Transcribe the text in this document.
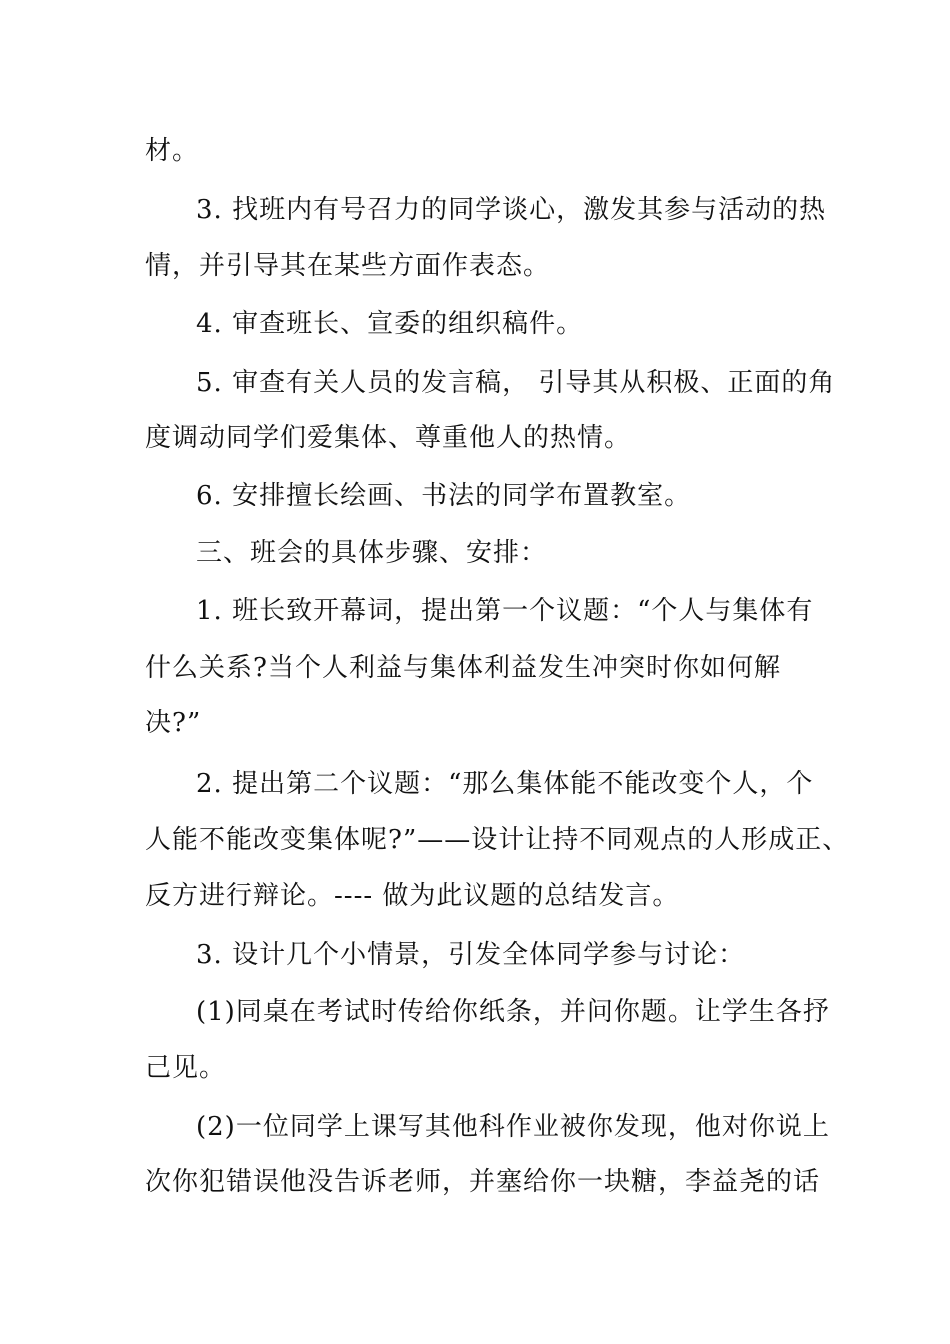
材。
3. 找班内有号召力的同学谈心，激发其参与活动的热
情，并引导其在某些方面作表态。
4. 审查班长、宣委的组织稿件。
5. 审查有关人员的发言稿， 引导其从积极、正面的角
度调动同学们爱集体、尊重他人的热情。
6. 安排擅长绘画、书法的同学布置教室。
三、班会的具体步骤、安排：
1. 班长致开幕词，提出第一个议题：“个人与集体有
什么关系?当个人利益与集体利益发生冲突时你如何解
决?”
2. 提出第二个议题：“那么集体能不能改变个人，个
人能不能改变集体呢?”——设计让持不同观点的人形成正、
反方进行辩论。---- 做为此议题的总结发言。
3. 设计几个小情景，引发全体同学参与讨论：
(1)同桌在考试时传给你纸条，并问你题。让学生各抒
己见。
(2)一位同学上课写其他科作业被你发现，他对你说上
次你犯错误他没告诉老师，并塞给你一块糖，李益尧的话
